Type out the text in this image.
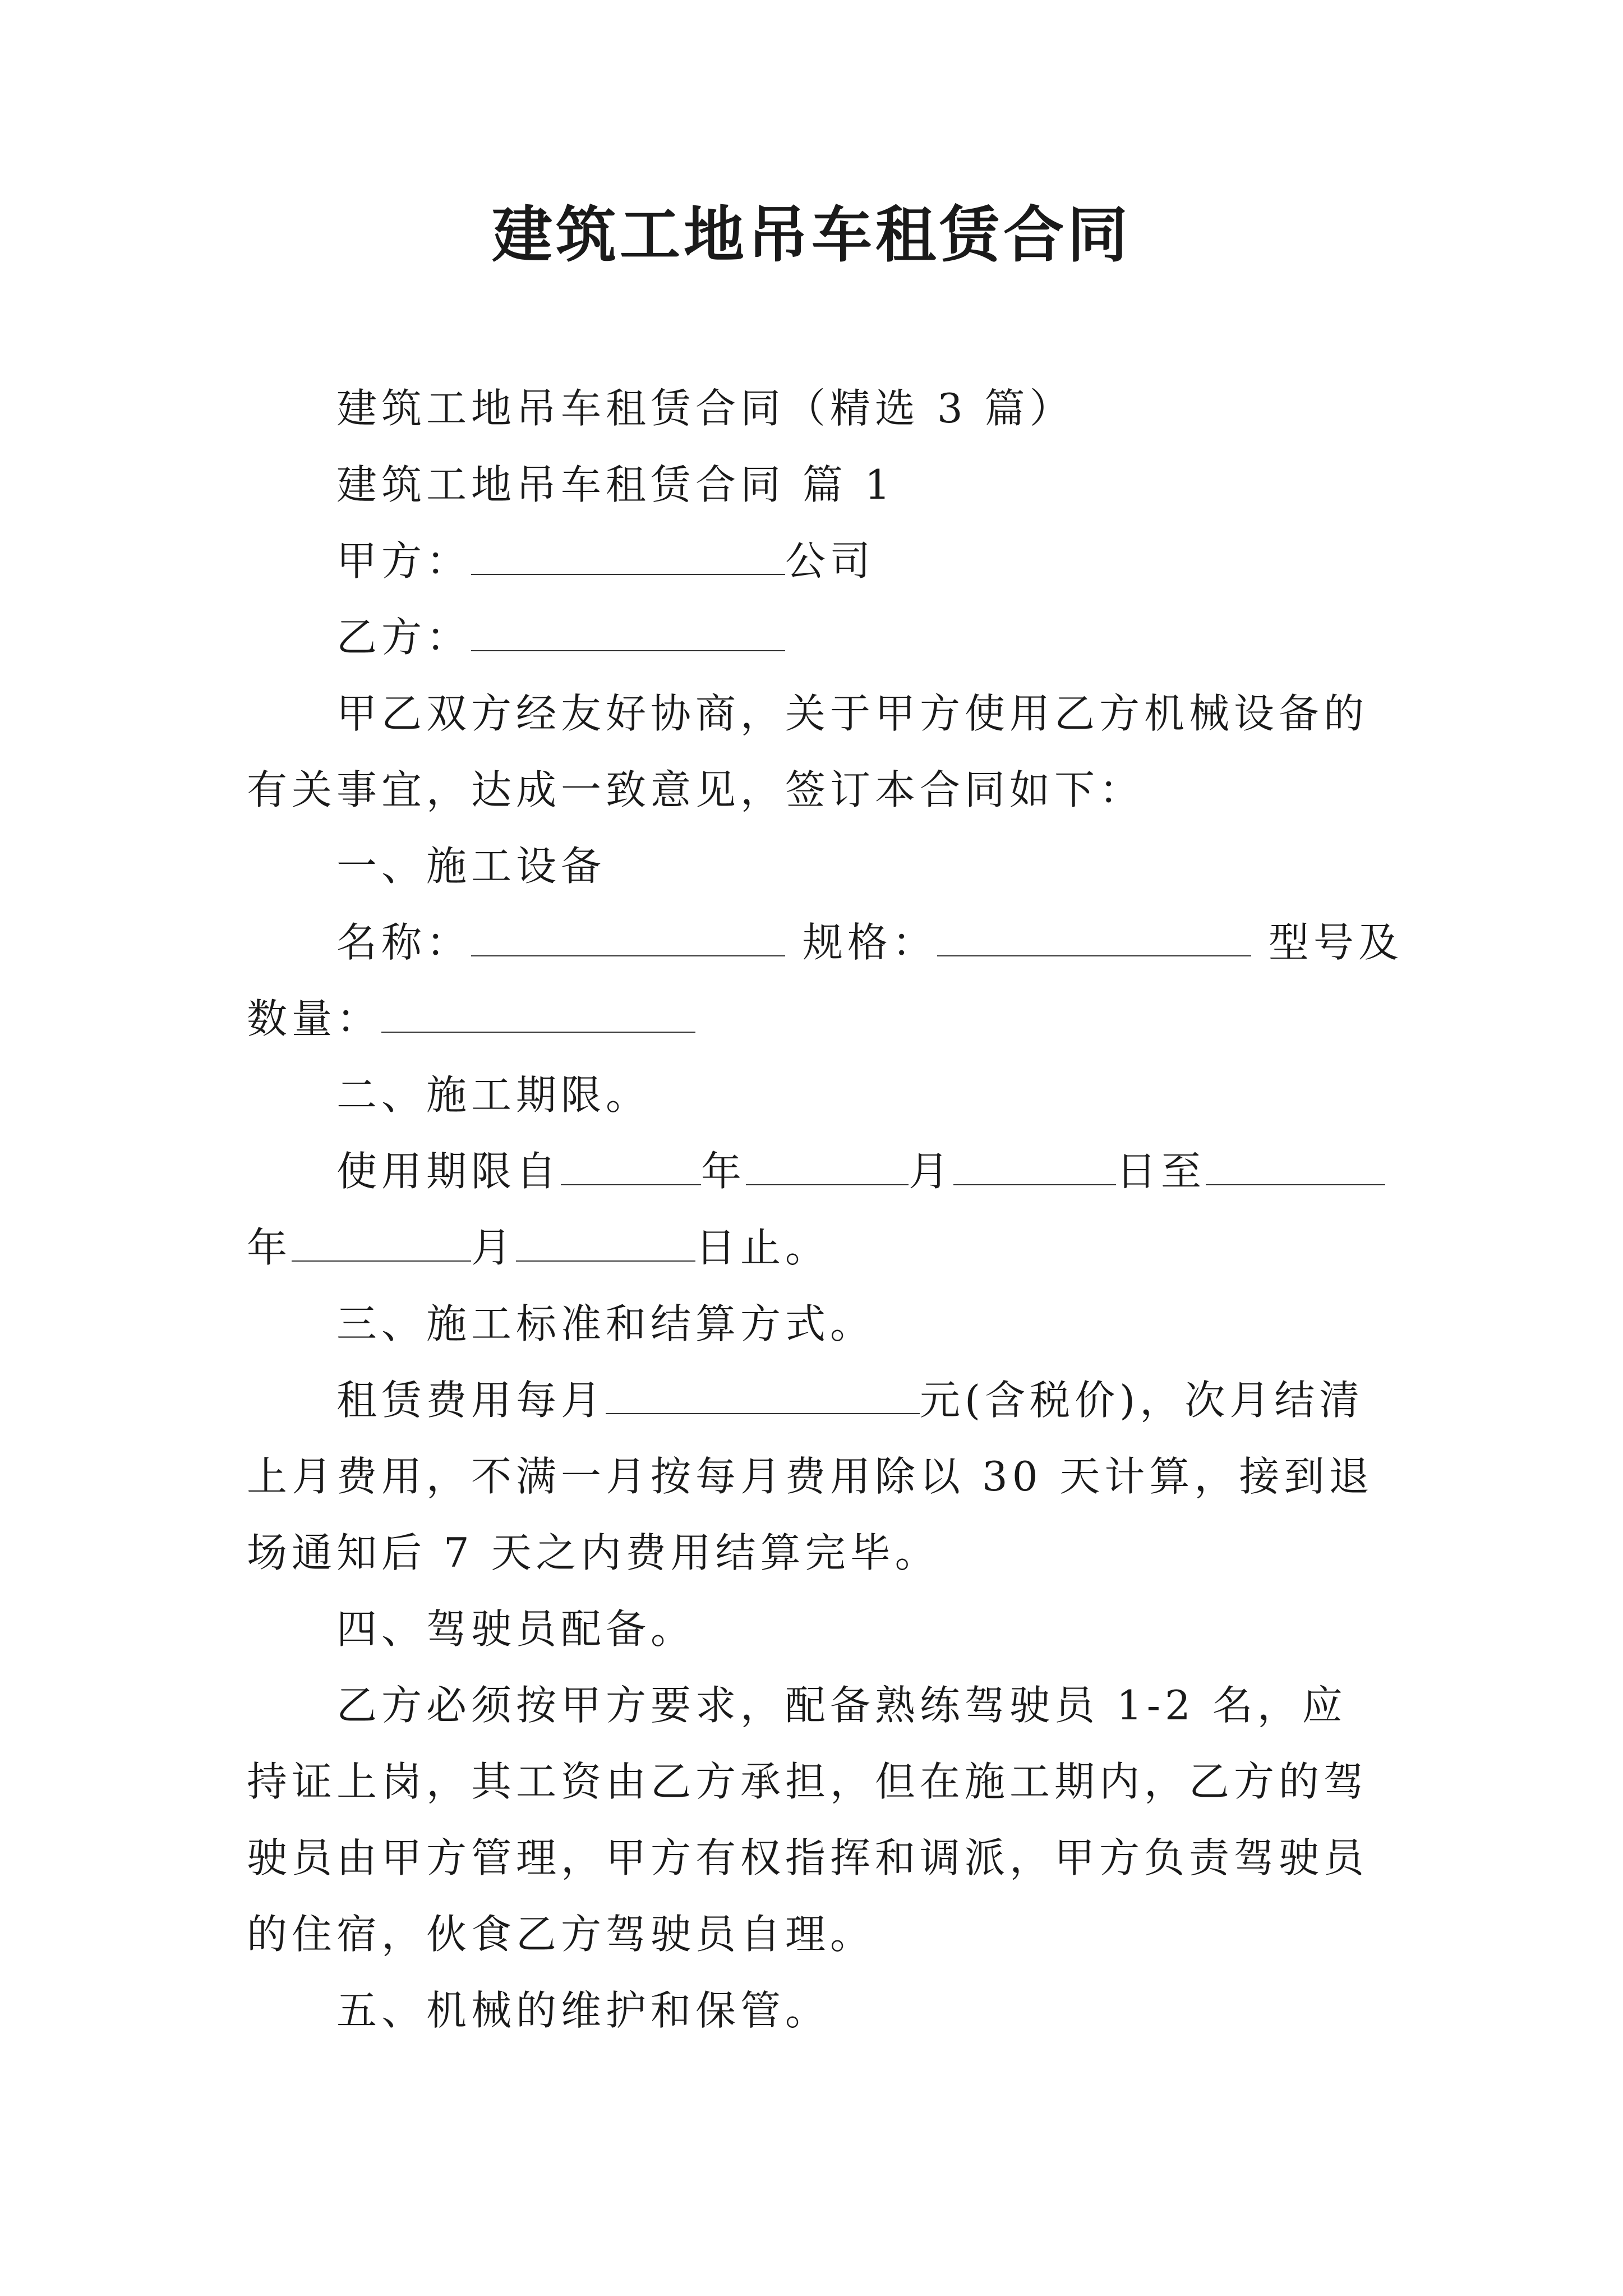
建筑工地吊车租赁合同

建筑工地吊车租赁合同（精选 3 篇）

建筑工地吊车租赁合同 篇 1

甲方：	公司

乙方：

甲乙双方经友好协商，关于甲方使用乙方机械设备的有关事宜，达成一致意见，签订本合同如下：

一、施工设备

名称：	规格：	型号及

数量：

二、施工期限。

使用期限自	年	月	日至

年	月	日止。

三、施工标准和结算方式。

租赁费用每月	元(含税价)，次月结清上月费用，不满一月按每月费用除以 30 天计算，接到退场通知后 7 天之内费用结算完毕。

四、驾驶员配备。

乙方必须按甲方要求，配备熟练驾驶员 1-2 名，应持证上岗，其工资由乙方承担，但在施工期内，乙方的驾驶员由甲方管理，甲方有权指挥和调派，甲方负责驾驶员的住宿，伙食乙方驾驶员自理。

五、机械的维护和保管。
